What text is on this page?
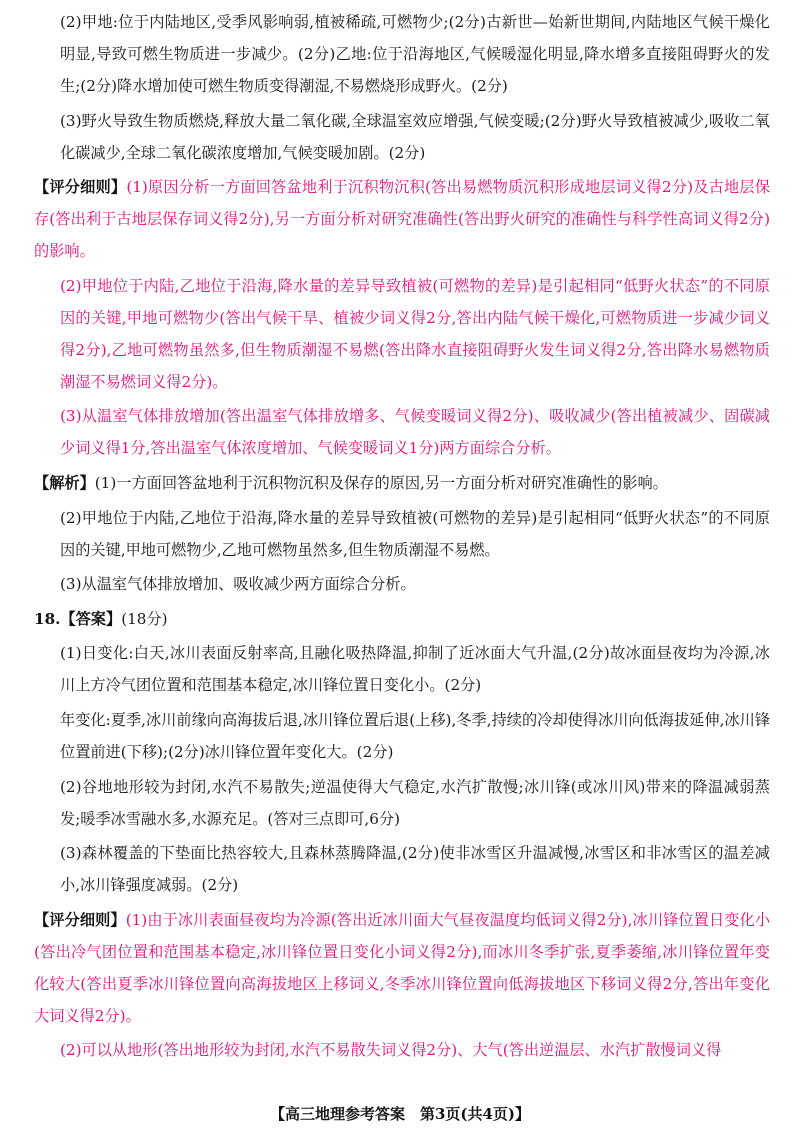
(2)甲地:位于内陆地区,受季风影响弱,植被稀疏,可燃物少;(2分)古新世—始新世期间,内陆地区气候干燥化明显,导致可燃生物质进一步减少。(2分)乙地:位于沿海地区,气候暖湿化明显,降水增多直接阻碍野火的发生;(2分)降水增加使可燃生物质变得潮湿,不易燃烧形成野火。(2分)
(3)野火导致生物质燃烧,释放大量二氧化碳,全球温室效应增强,气候变暖;(2分)野火导致植被减少,吸收二氧化碳减少,全球二氧化碳浓度增加,气候变暖加剧。(2分)
【评分细则】(1)原因分析一方面回答盆地利于沉积物沉积(答出易燃物质沉积形成地层词义得2分)及古地层保存(答出利于古地层保存词义得2分),另一方面分析对研究准确性(答出野火研究的准确性与科学性高词义得2分)的影响。
(2)甲地位于内陆,乙地位于沿海,降水量的差异导致植被(可燃物的差异)是引起相同“低野火状态”的不同原因的关键,甲地可燃物少(答出气候干旱、植被少词义得2分,答出内陆气候干燥化,可燃物质进一步减少词义得2分),乙地可燃物虽然多,但生物质潮湿不易燃(答出降水直接阻碍野火发生词义得2分,答出降水易燃物质潮湿不易燃词义得2分)。
(3)从温室气体排放增加(答出温室气体排放增多、气候变暖词义得2分)、吸收减少(答出植被减少、固碳减少词义得1分,答出温室气体浓度增加、气候变暖词义1分)两方面综合分析。
【解析】(1)一方面回答盆地利于沉积物沉积及保存的原因,另一方面分析对研究准确性的影响。
(2)甲地位于内陆,乙地位于沿海,降水量的差异导致植被(可燃物的差异)是引起相同“低野火状态”的不同原因的关键,甲地可燃物少,乙地可燃物虽然多,但生物质潮湿不易燃。
(3)从温室气体排放增加、吸收减少两方面综合分析。
18.【答案】(18分)
(1)日变化:白天,冰川表面反射率高,且融化吸热降温,抑制了近冰面大气升温,(2分)故冰面昼夜均为冷源,冰川上方冷气团位置和范围基本稳定,冰川锋位置日变化小。(2分)
年变化:夏季,冰川前缘向高海拔后退,冰川锋位置后退(上移),冬季,持续的冷却使得冰川向低海拔延伸,冰川锋位置前进(下移);(2分)冰川锋位置年变化大。(2分)
(2)谷地地形较为封闭,水汽不易散失;逆温使得大气稳定,水汽扩散慢;冰川锋(或冰川风)带来的降温减弱蒸发;暖季冰雪融水多,水源充足。(答对三点即可,6分)
(3)森林覆盖的下垫面比热容较大,且森林蒸腾降温,(2分)使非冰雪区升温减慢,冰雪区和非冰雪区的温差减小,冰川锋强度减弱。(2分)
【评分细则】(1)由于冰川表面昼夜均为冷源(答出近冰川面大气昼夜温度均低词义得2分),冰川锋位置日变化小(答出冷气团位置和范围基本稳定,冰川锋位置日变化小词义得2分),而冰川冬季扩张,夏季萎缩,冰川锋位置年变化较大(答出夏季冰川锋位置向高海拔地区上移词义,冬季冰川锋位置向低海拔地区下移词义得2分,答出年变化大词义得2分)。
(2)可以从地形(答出地形较为封闭,水汽不易散失词义得2分)、大气(答出逆温层、水汽扩散慢词义得
【高三地理参考答案　第3页(共4页)】
